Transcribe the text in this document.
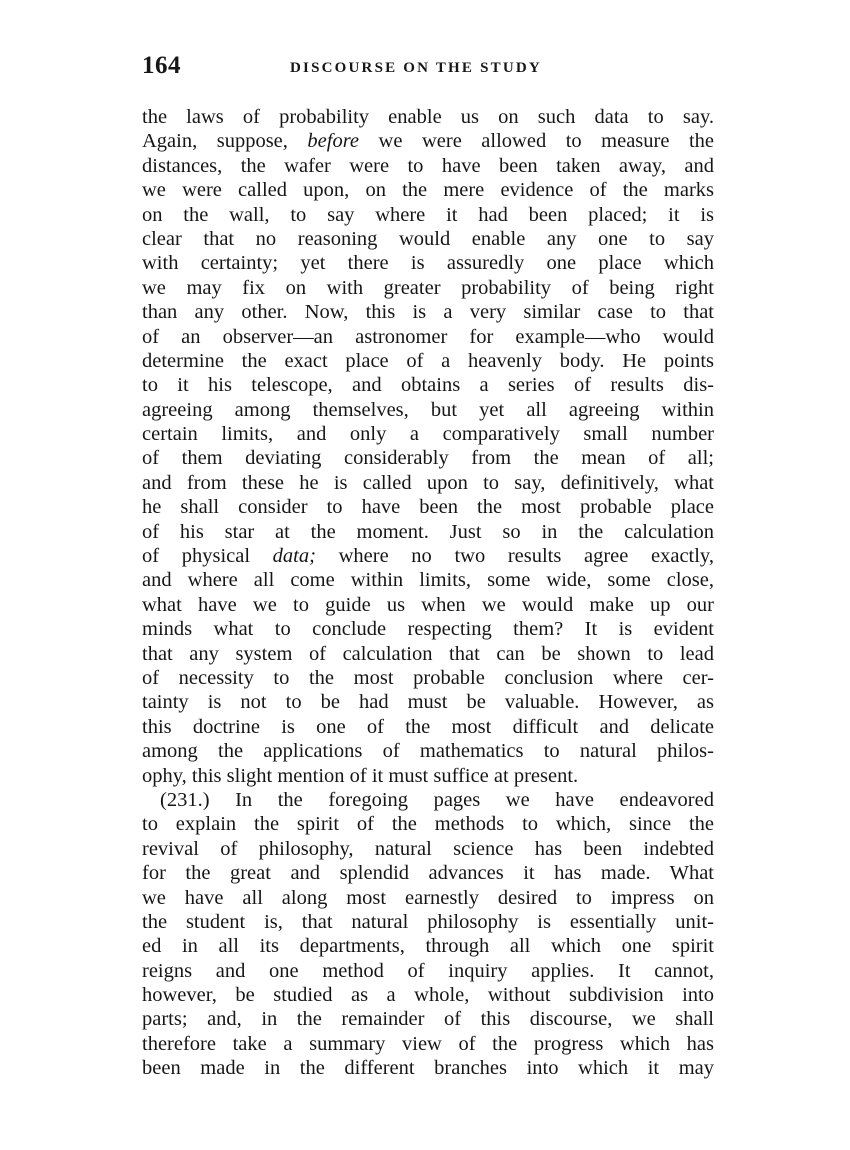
164	DISCOURSE ON THE STUDY
the laws of probability enable us on such data to say.
Again, suppose, before we were allowed to measure the
distances, the wafer were to have been taken away, and
we were called upon, on the mere evidence of the marks
on the wall, to say where it had been placed; it is
clear that no reasoning would enable any one to say
with certainty; yet there is assuredly one place which
we may fix on with greater probability of being right
than any other. Now, this is a very similar case to that
of an observer—an astronomer for example—who would
determine the exact place of a heavenly body. He points
to it his telescope, and obtains a series of results dis-
agreeing among themselves, but yet all agreeing within
certain limits, and only a comparatively small number
of them deviating considerably from the mean of all;
and from these he is called upon to say, definitively, what
he shall consider to have been the most probable place
of his star at the moment. Just so in the calculation
of physical data; where no two results agree exactly,
and where all come within limits, some wide, some close,
what have we to guide us when we would make up our
minds what to conclude respecting them? It is evident
that any system of calculation that can be shown to lead
of necessity to the most probable conclusion where cer-
tainty is not to be had must be valuable. However, as
this doctrine is one of the most difficult and delicate
among the applications of mathematics to natural philos-
ophy, this slight mention of it must suffice at present.
(231.) In the foregoing pages we have endeavored
to explain the spirit of the methods to which, since the
revival of philosophy, natural science has been indebted
for the great and splendid advances it has made. What
we have all along most earnestly desired to impress on
the student is, that natural philosophy is essentially unit-
ed in all its departments, through all which one spirit
reigns and one method of inquiry applies. It cannot,
however, be studied as a whole, without subdivision into
parts; and, in the remainder of this discourse, we shall
therefore take a summary view of the progress which has
been made in the different branches into which it may
